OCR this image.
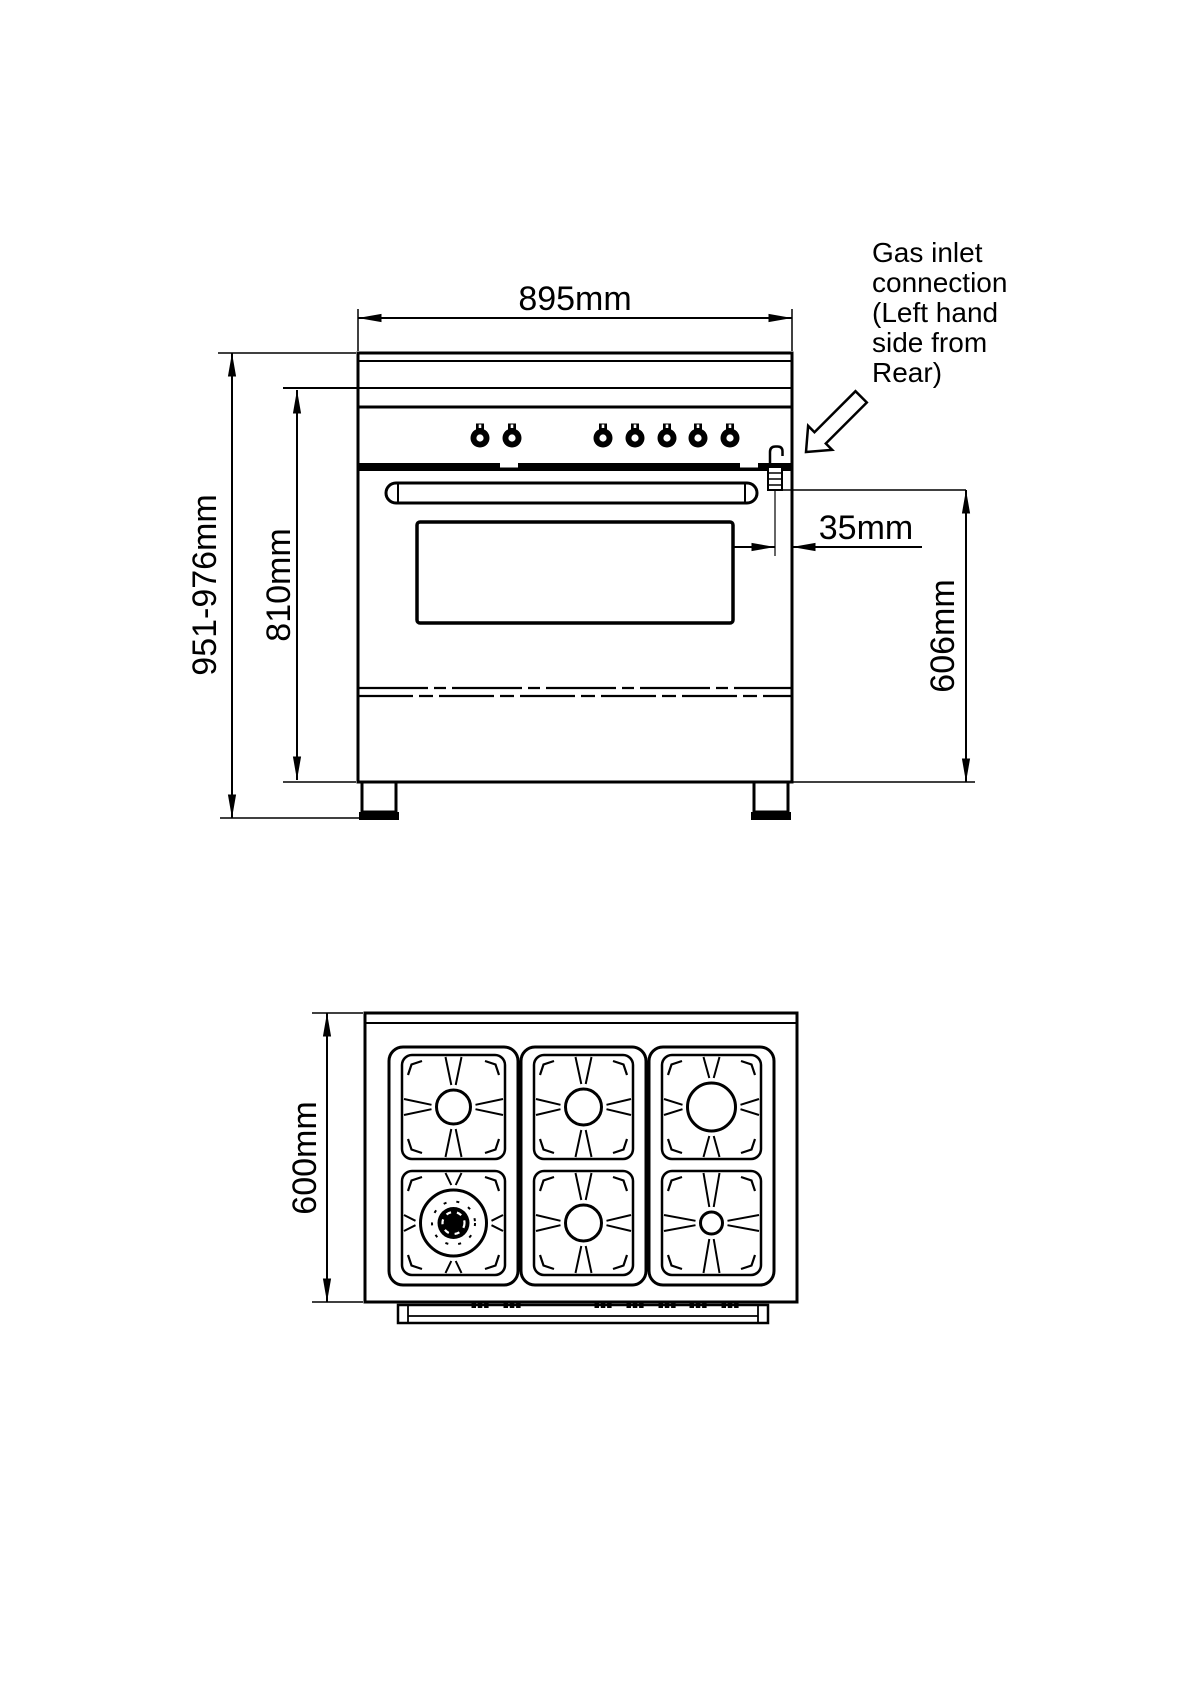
895mm
951-976mm 810mm
35mm
606mm
Gas inlet connection (Left hand side from Rear)
600mm
